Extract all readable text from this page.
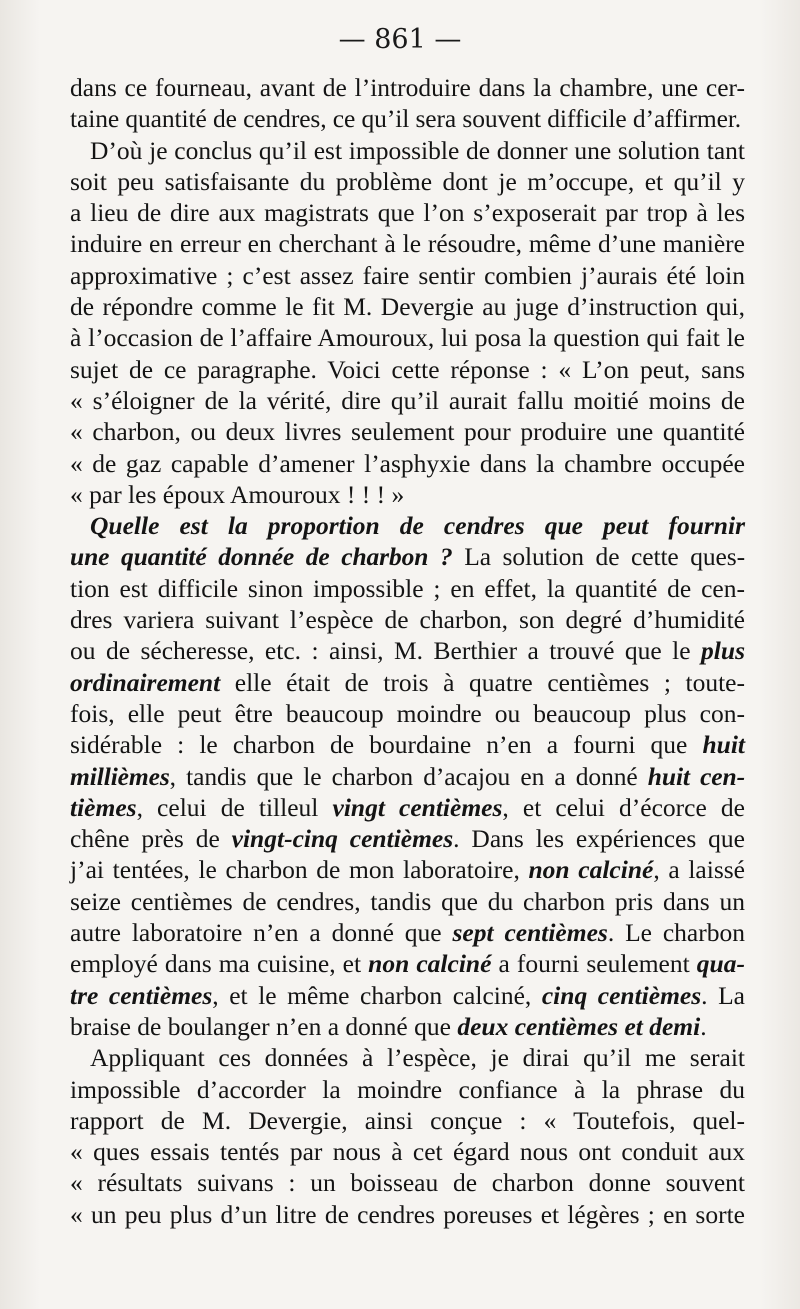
— 861 —
dans ce fourneau, avant de l’introduire dans la chambre, une cer-
taine quantité de cendres, ce qu’il sera souvent difficile d’affirmer.
D’où je conclus qu’il est impossible de donner une solution tant
soit peu satisfaisante du problème dont je m’occupe, et qu’il y
a lieu de dire aux magistrats que l’on s’exposerait par trop à les
induire en erreur en cherchant à le résoudre, même d’une manière
approximative ; c’est assez faire sentir combien j’aurais été loin
de répondre comme le fit M. Devergie au juge d’instruction qui,
à l’occasion de l’affaire Amouroux, lui posa la question qui fait le
sujet de ce paragraphe. Voici cette réponse : « L’on peut, sans
« s’éloigner de la vérité, dire qu’il aurait fallu moitié moins de
« charbon, ou deux livres seulement pour produire une quantité
« de gaz capable d’amener l’asphyxie dans la chambre occupée
« par les époux Amouroux ! ! ! »
Quelle est la proportion de cendres que peut fournir
une quantité donnée de charbon ? La solution de cette ques-
tion est difficile sinon impossible ; en effet, la quantité de cen-
dres variera suivant l’espèce de charbon, son degré d’humidité
ou de sécheresse, etc. : ainsi, M. Berthier a trouvé que le plus
ordinairement elle était de trois à quatre centièmes ; toute-
fois, elle peut être beaucoup moindre ou beaucoup plus con-
sidérable : le charbon de bourdaine n’en a fourni que huit
millièmes, tandis que le charbon d’acajou en a donné huit cen-
tièmes, celui de tilleul vingt centièmes, et celui d’écorce de
chêne près de vingt-cinq centièmes. Dans les expériences que
j’ai tentées, le charbon de mon laboratoire, non calciné, a laissé
seize centièmes de cendres, tandis que du charbon pris dans un
autre laboratoire n’en a donné que sept centièmes. Le charbon
employé dans ma cuisine, et non calciné a fourni seulement qua-
tre centièmes, et le même charbon calciné, cinq centièmes. La
braise de boulanger n’en a donné que deux centièmes et demi.
Appliquant ces données à l’espèce, je dirai qu’il me serait
impossible d’accorder la moindre confiance à la phrase du
rapport de M. Devergie, ainsi conçue : « Toutefois, quel-
« ques essais tentés par nous à cet égard nous ont conduit aux
« résultats suivans : un boisseau de charbon donne souvent
« un peu plus d’un litre de cendres poreuses et légères ; en sorte
